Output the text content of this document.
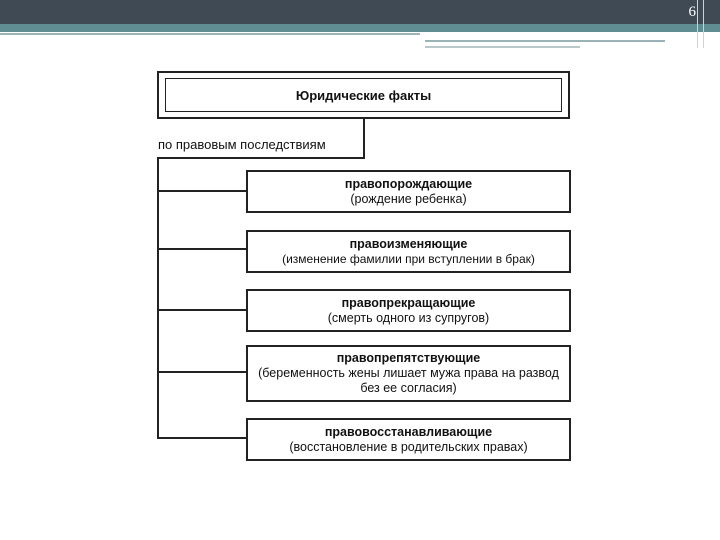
6
Юридические факты
по правовым последствиям
правопорождающие
(рождение ребенка)
правоизменяющие
(изменение фамилии при вступлении в брак)
правопрекращающие
(смерть одного из супругов)
правопрепятствующие
(беременность жены лишает мужа права на развод без ее согласия)
правовосстанавливающие
(восстановление в родительских правах)
